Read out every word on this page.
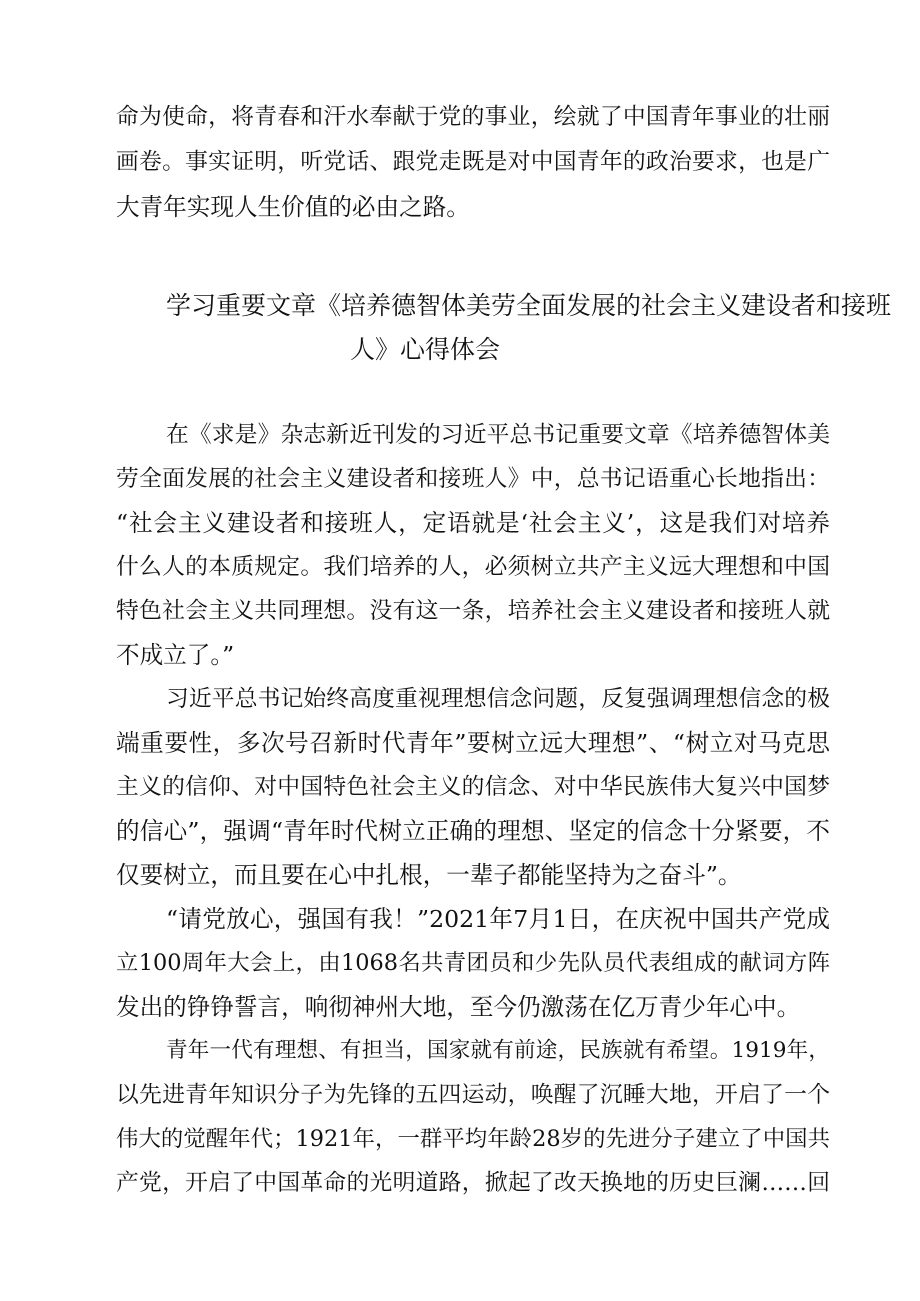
命为使命，将青春和汗水奉献于党的事业，绘就了中国青年事业的壮丽
画卷。事实证明，听党话、跟党走既是对中国青年的政治要求，也是广
大青年实现人生价值的必由之路。
学习重要文章《培养德智体美劳全面发展的社会主义建设者和接班
人》心得体会
在《求是》杂志新近刊发的习近平总书记重要文章《培养德智体美
劳全面发展的社会主义建设者和接班人》中，总书记语重心长地指出：
“社会主义建设者和接班人，定语就是‘社会主义’，这是我们对培养
什么人的本质规定。我们培养的人，必须树立共产主义远大理想和中国
特色社会主义共同理想。没有这一条，培养社会主义建设者和接班人就
不成立了。”
习近平总书记始终高度重视理想信念问题，反复强调理想信念的极
端重要性，多次号召新时代青年”要树立远大理想”、“树立对马克思
主义的信仰、对中国特色社会主义的信念、对中华民族伟大复兴中国梦
的信心”，强调“青年时代树立正确的理想、坚定的信念十分紧要，不
仅要树立，而且要在心中扎根，一辈子都能坚持为之奋斗”。
“请党放心，强国有我！”2021年7月1日，在庆祝中国共产党成
立100周年大会上，由1068名共青团员和少先队员代表组成的献词方阵
发出的铮铮誓言，响彻神州大地，至今仍激荡在亿万青少年心中。
青年一代有理想、有担当，国家就有前途，民族就有希望。1919年，
以先进青年知识分子为先锋的五四运动，唤醒了沉睡大地，开启了一个
伟大的觉醒年代；1921年，一群平均年龄28岁的先进分子建立了中国共
产党，开启了中国革命的光明道路，掀起了改天换地的历史巨澜……回
